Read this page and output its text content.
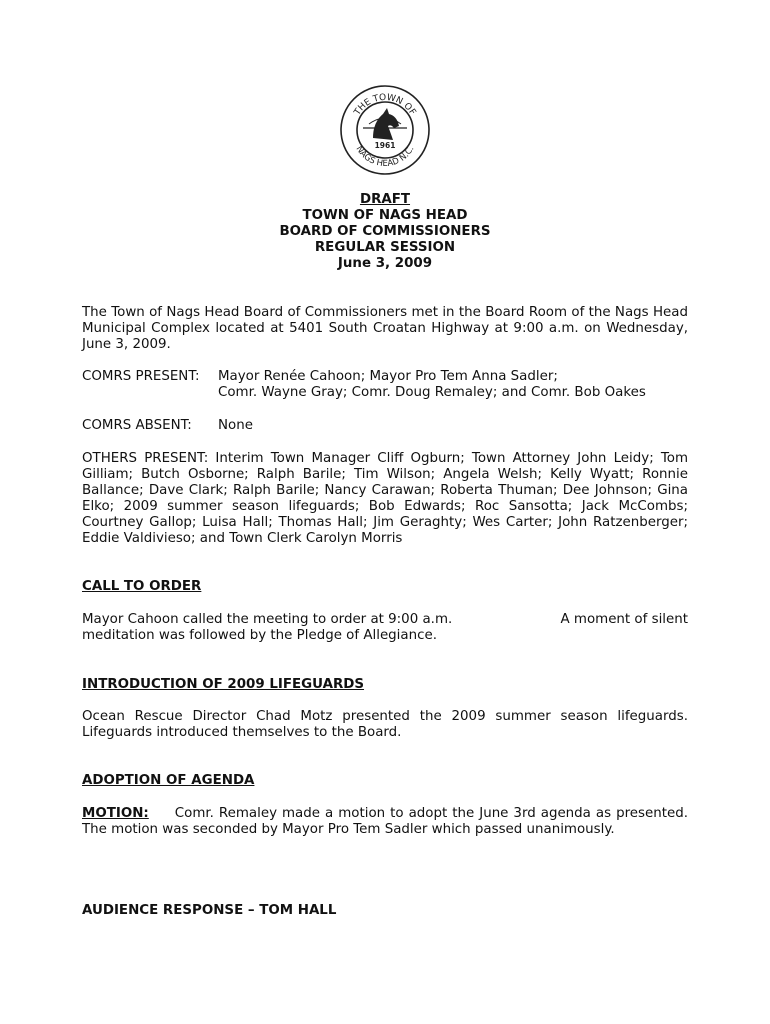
THE TOWN OF
NAGS HEAD N.C.
1961
DRAFT
TOWN OF NAGS HEAD
BOARD OF COMMISSIONERS
REGULAR SESSION
June 3, 2009
The Town of Nags Head Board of Commissioners met in the Board Room of the Nags Head Municipal Complex located at 5401 South Croatan Highway at 9:00 a.m. on Wednesday, June 3, 2009.
COMRS PRESENT: Mayor Renée Cahoon; Mayor Pro Tem Anna Sadler;
Comr. Wayne Gray; Comr. Doug Remaley; and Comr. Bob Oakes
COMRS ABSENT: None
OTHERS PRESENT: Interim Town Manager Cliff Ogburn; Town Attorney John Leidy; Tom Gilliam; Butch Osborne; Ralph Barile; Tim Wilson; Angela Welsh; Kelly Wyatt; Ronnie Ballance; Dave Clark; Ralph Barile; Nancy Carawan; Roberta Thuman; Dee Johnson; Gina Elko; 2009 summer season lifeguards; Bob Edwards; Roc Sansotta; Jack McCombs; Courtney Gallop; Luisa Hall; Thomas Hall; Jim Geraghty; Wes Carter; John Ratzenberger; Eddie Valdivieso; and Town Clerk Carolyn Morris
CALL TO ORDER
Mayor Cahoon called the meeting to order at 9:00 a.m.	A moment of silent
meditation was followed by the Pledge of Allegiance.
INTRODUCTION OF 2009 LIFEGUARDS
Ocean Rescue Director Chad Motz presented the 2009 summer season lifeguards. Lifeguards introduced themselves to the Board.
ADOPTION OF AGENDA
MOTION: Comr. Remaley made a motion to adopt the June 3rd agenda as presented. The motion was seconded by Mayor Pro Tem Sadler which passed unanimously.
AUDIENCE RESPONSE – TOM HALL
